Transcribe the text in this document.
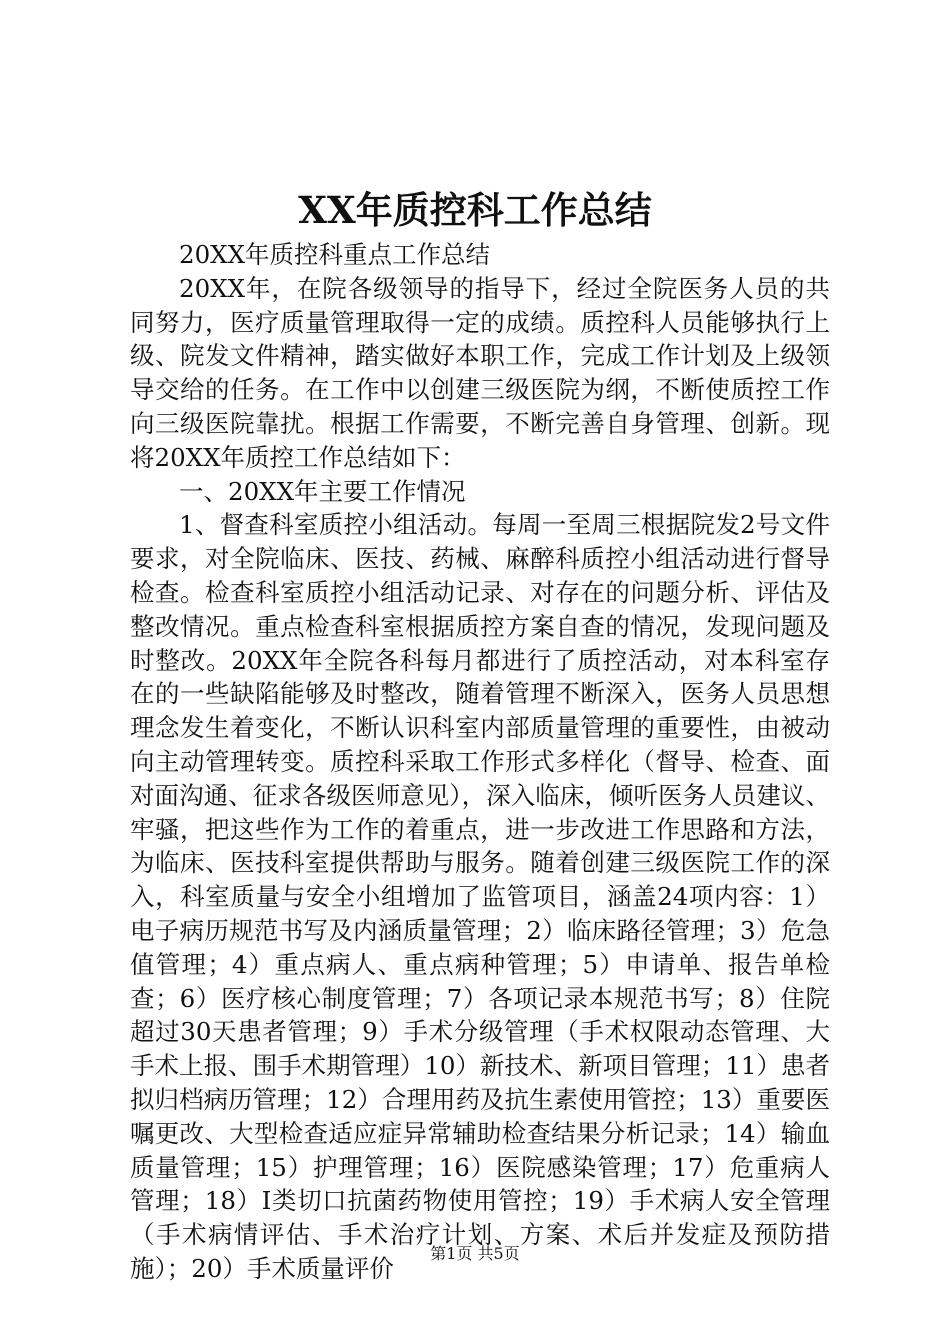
XX年质控科工作总结

20XX年质控科重点工作总结

20XX年，在院各级领导的指导下，经过全院医务人员的共同努力，医疗质量管理取得一定的成绩。质控科人员能够执行上级、院发文件精神，踏实做好本职工作，完成工作计划及上级领导交给的任务。在工作中以创建三级医院为纲，不断使质控工作向三级医院靠扰。根据工作需要，不断完善自身管理、创新。现将20XX年质控工作总结如下：

一、20XX年主要工作情况

1、督查科室质控小组活动。每周一至周三根据院发2号文件要求，对全院临床、医技、药械、麻醉科质控小组活动进行督导检查。检查科室质控小组活动记录、对存在的问题分析、评估及整改情况。重点检查科室根据质控方案自查的情况，发现问题及时整改。20XX年全院各科每月都进行了质控活动，对本科室存在的一些缺陷能够及时整改，随着管理不断深入，医务人员思想理念发生着变化，不断认识科室内部质量管理的重要性，由被动向主动管理转变。质控科采取工作形式多样化（督导、检查、面对面沟通、征求各级医师意见），深入临床，倾听医务人员建议、牢骚，把这些作为工作的着重点，进一步改进工作思路和方法，为临床、医技科室提供帮助与服务。随着创建三级医院工作的深入，科室质量与安全小组增加了监管项目，涵盖24项内容：1）电子病历规范书写及内涵质量管理；2）临床路径管理；3）危急值管理；4）重点病人、重点病种管理；5）申请单、报告单检查；6）医疗核心制度管理；7）各项记录本规范书写；8）住院超过30天患者管理；9）手术分级管理（手术权限动态管理、大手术上报、围手术期管理）10）新技术、新项目管理；11）患者拟归档病历管理；12）合理用药及抗生素使用管控；13）重要医嘱更改、大型检查适应症异常辅助检查结果分析记录；14）输血质量管理；15）护理管理；16）医院感染管理；17）危重病人管理；18）Ⅰ类切口抗菌药物使用管控；19）手术病人安全管理（手术病情评估、手术治疗计划、方案、术后并发症及预防措施）；20）手术质量评价

第1页 共5页
